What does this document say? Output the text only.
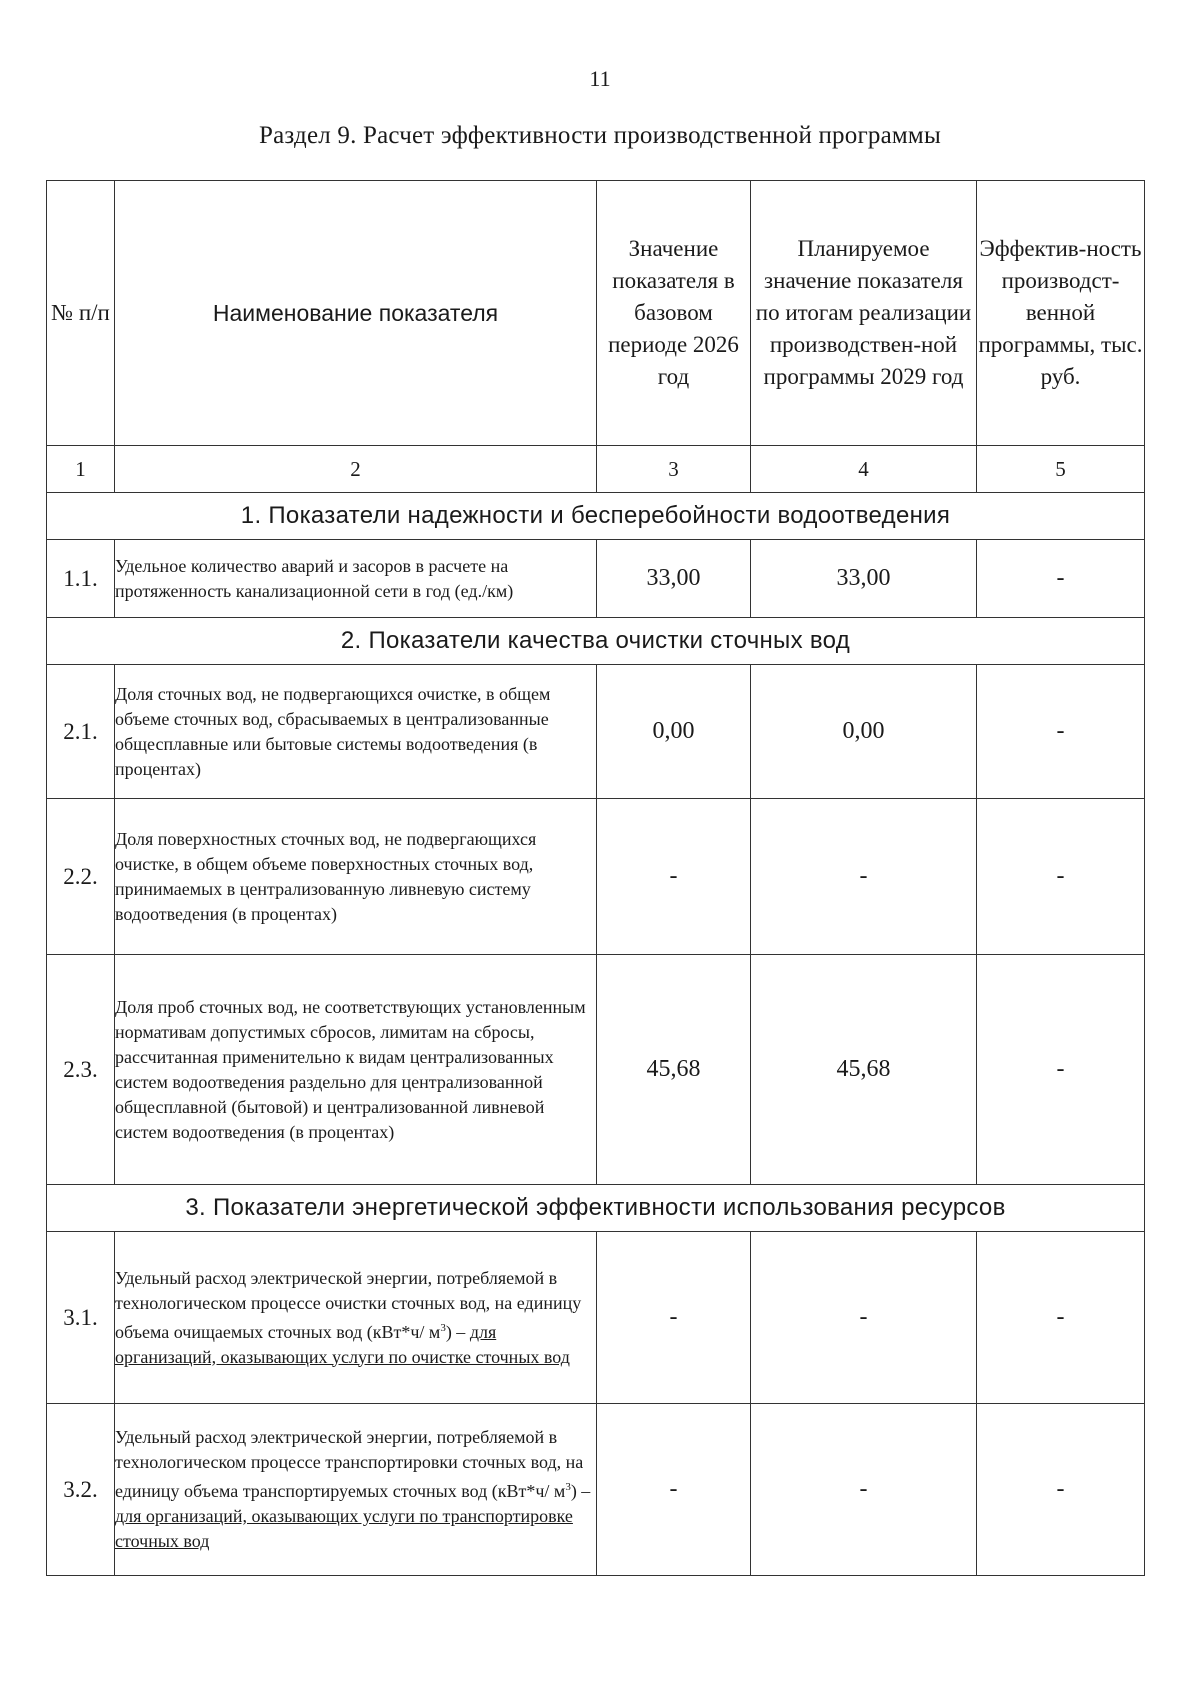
11
Раздел 9. Расчет эффективности производственной программы
№ п/п	Наименование показателя	Значение показателя в базовом периоде 2026 год	Планируемое значение показателя по итогам реализации производствен-ной программы 2029 год	Эффектив-ность производст-венной программы, тыс. руб.
1	2	3	4	5
1. Показатели надежности и бесперебойности водоотведения				
1.1.	Удельное количество аварий и засоров в расчете на протяженность канализационной сети в год (ед./км)	33,00	33,00	-
2. Показатели качества очистки сточных вод				
2.1.	Доля сточных вод, не подвергающихся очистке, в общем объеме сточных вод, сбрасываемых в централизованные общесплавные или бытовые системы водоотведения (в процентах)	0,00	0,00	-
2.2.	Доля поверхностных сточных вод, не подвергающихся очистке, в общем объеме поверхностных сточных вод, принимаемых в централизованную ливневую систему водоотведения (в процентах)	-	-	-
2.3.	Доля проб сточных вод, не соответствующих установленным нормативам допустимых сбросов, лимитам на сбросы, рассчитанная применительно к видам централизованных систем водоотведения раздельно для централизованной общесплавной (бытовой) и централизованной ливневой систем водоотведения (в процентах)	45,68	45,68	-
3. Показатели энергетической эффективности использования ресурсов				
3.1.	Удельный расход электрической энергии, потребляемой в технологическом процессе очистки сточных вод, на единицу объема очищаемых сточных вод (кВт*ч/ $м^3$) – для организаций, оказывающих услуги по очистке сточных вод	-	-	-
3.2.	Удельный расход электрической энергии, потребляемой в технологическом процессе транспортировки сточных вод, на единицу объема транспортируемых сточных вод (кВт*ч/ $м^3$) – для организаций, оказывающих услуги по транспортировке сточных вод	-	-	-
